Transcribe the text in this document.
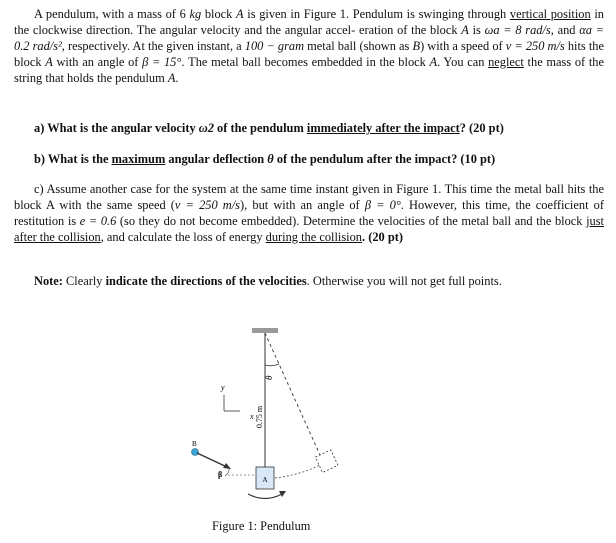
A pendulum, with a mass of 6 kg block A is given in Figure 1. Pendulum is swinging through vertical position in the clockwise direction. The angular velocity and the angular accel- eration of the block A is ωa = 8 rad/s, and αa = 0.2 rad/s², respectively. At the given instant, a 100 − gram metal ball (shown as B) with a speed of v = 250 m/s hits the block A with an angle of β = 15°. The metal ball becomes embedded in the block A. You can neglect the mass of the string that holds the pendulum A.

a) What is the angular velocity ω2 of the pendulum immediately after the impact? (20 pt)
b) What is the maximum angular deflection θ of the pendulum after the impact? (10 pt)

c) Assume another case for the system at the same time instant given in Figure 1. This time the metal ball hits the block A with the same speed (v = 250 m/s), but with an angle of β = 0°. However, this time, the coefficient of restitution is e = 0.6 (so they do not become embedded). Determine the velocities of the metal ball and the block just after the collision, and calculate the loss of energy during the collision. (20 pt)

Note: Clearly indicate the directions of the velocities. Otherwise you will not get full points.

θ
0.75 m
y
x
B
β
A
Figure 1: Pendulum
